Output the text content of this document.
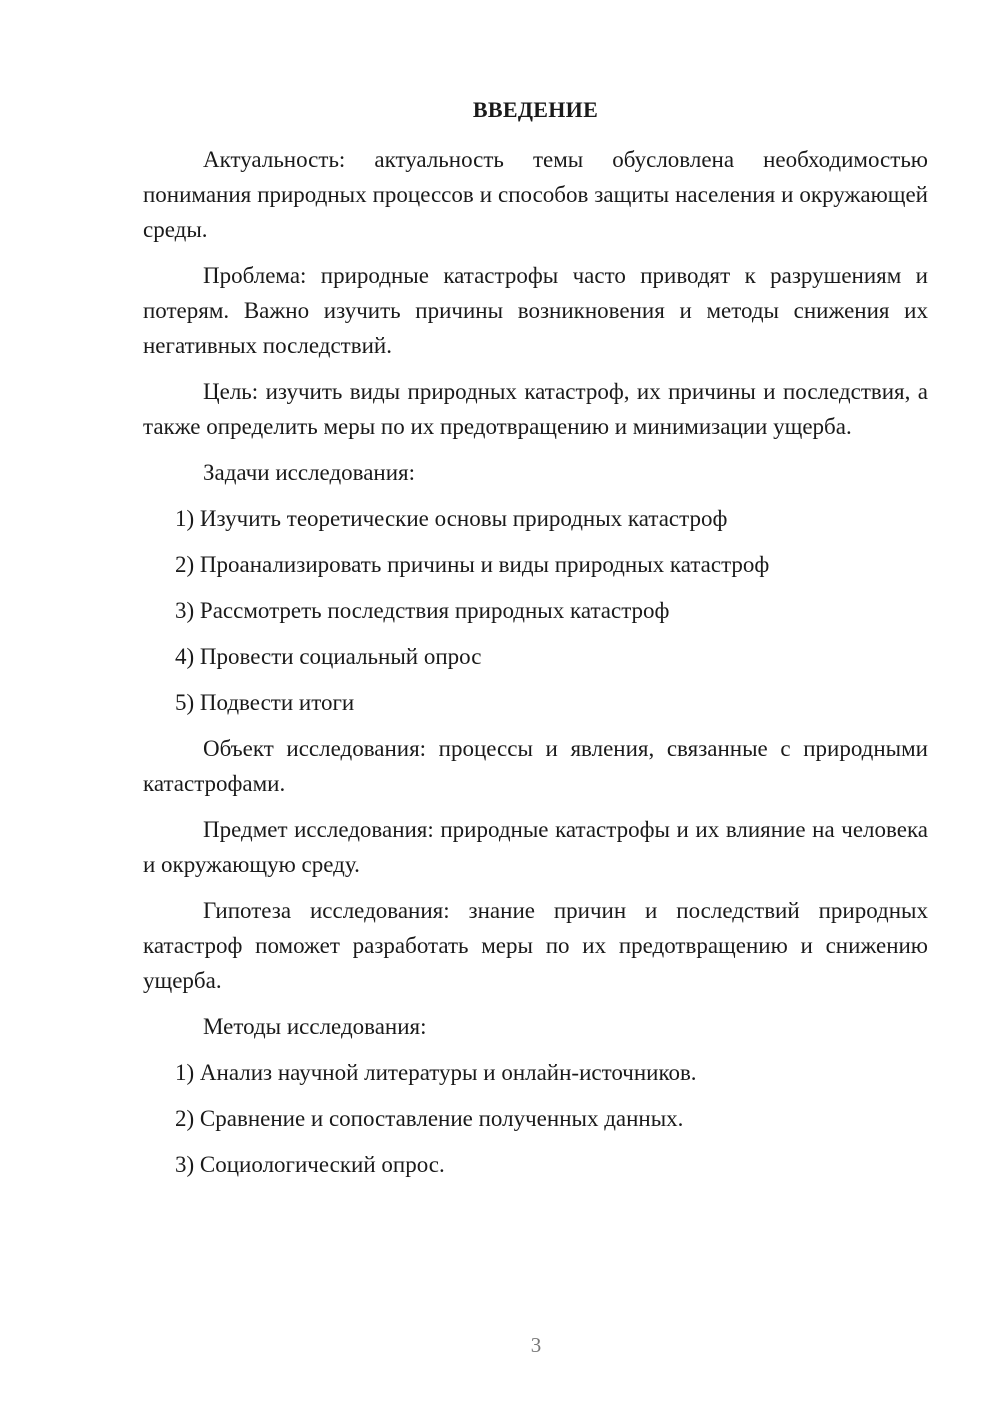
ВВЕДЕНИЕ

Актуальность: актуальность темы обусловлена необходимостью понимания природных процессов и способов защиты населения и окружающей среды.

Проблема: природные катастрофы часто приводят к разрушениям и потерям. Важно изучить причины возникновения и методы снижения их негативных последствий.

Цель: изучить виды природных катастроф, их причины и последствия, а также определить меры по их предотвращению и минимизации ущерба.

Задачи исследования:

1) Изучить теоретические основы природных катастроф
2) Проанализировать причины и виды природных катастроф
3) Рассмотреть последствия природных катастроф
4) Провести социальный опрос
5) Подвести итоги

Объект исследования: процессы и явления, связанные с природными катастрофами.

Предмет исследования: природные катастрофы и их влияние на человека и окружающую среду.

Гипотеза исследования: знание причин и последствий природных катастроф поможет разработать меры по их предотвращению и снижению ущерба.

Методы исследования:

1) Анализ научной литературы и онлайн-источников.
2) Сравнение и сопоставление полученных данных.
3) Социологический опрос.
3
